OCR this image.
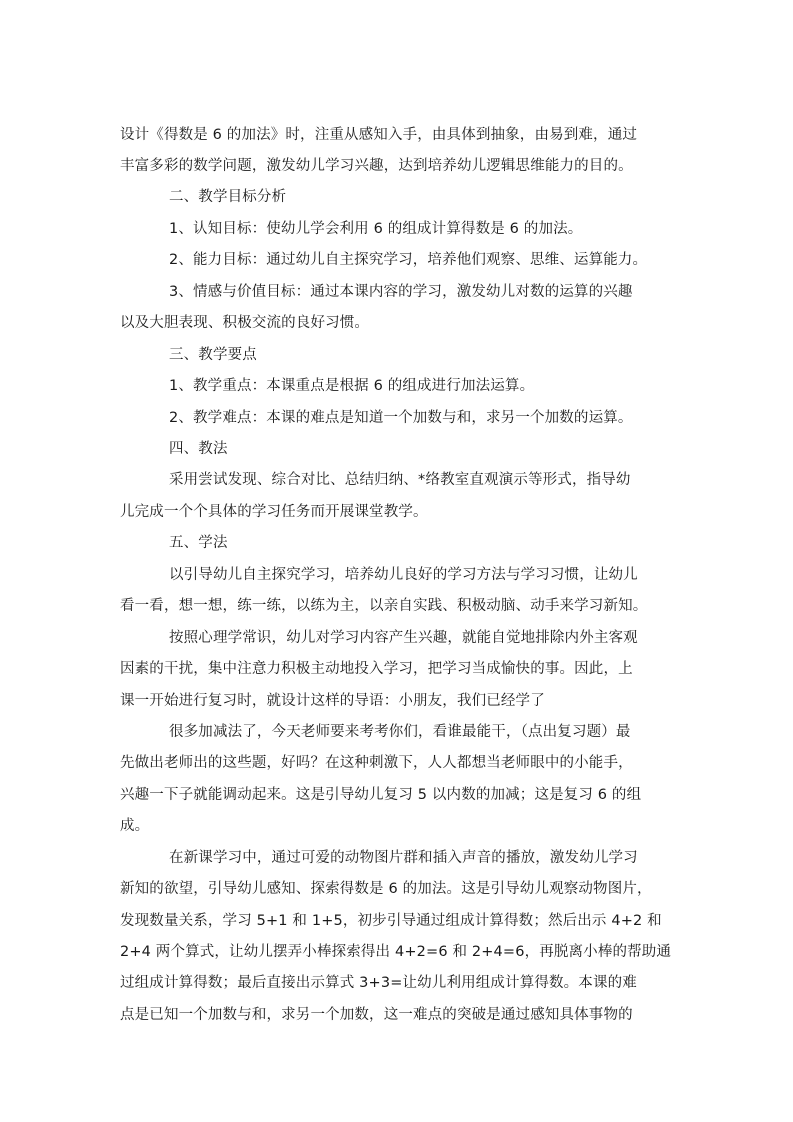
设计《得数是 6 的加法》时，注重从感知入手，由具体到抽象，由易到难，通过
丰富多彩的数学问题，激发幼儿学习兴趣，达到培养幼儿逻辑思维能力的目的。
二、教学目标分析
1、认知目标：使幼儿学会利用 6 的组成计算得数是 6 的加法。
2、能力目标：通过幼儿自主探究学习，培养他们观察、思维、运算能力。
3、情感与价值目标：通过本课内容的学习，激发幼儿对数的运算的兴趣
以及大胆表现、积极交流的良好习惯。
三、教学要点
1、教学重点：本课重点是根据 6 的组成进行加法运算。
2、教学难点：本课的难点是知道一个加数与和，求另一个加数的运算。
四、教法
采用尝试发现、综合对比、总结归纳、*络教室直观演示等形式，指导幼
儿完成一个个具体的学习任务而开展课堂教学。
五、学法
以引导幼儿自主探究学习，培养幼儿良好的学习方法与学习习惯，让幼儿
看一看，想一想，练一练，以练为主，以亲自实践、积极动脑、动手来学习新知。
按照心理学常识，幼儿对学习内容产生兴趣，就能自觉地排除内外主客观
因素的干扰，集中注意力积极主动地投入学习，把学习当成愉快的事。因此，上
课一开始进行复习时，就设计这样的导语：小朋友，我们已经学了
很多加减法了，今天老师要来考考你们，看谁最能干，（点出复习题）最
先做出老师出的这些题，好吗？在这种刺激下，人人都想当老师眼中的小能手，
兴趣一下子就能调动起来。这是引导幼儿复习 5 以内数的加减；这是复习 6 的组
成。
在新课学习中，通过可爱的动物图片群和插入声音的播放，激发幼儿学习
新知的欲望，引导幼儿感知、探索得数是 6 的加法。这是引导幼儿观察动物图片，
发现数量关系，学习 5+1 和 1+5，初步引导通过组成计算得数；然后出示 4+2 和
2+4 两个算式，让幼儿摆弄小棒探索得出 4+2=6 和 2+4=6，再脱离小棒的帮助通
过组成计算得数；最后直接出示算式 3+3=让幼儿利用组成计算得数。本课的难
点是已知一个加数与和，求另一个加数，这一难点的突破是通过感知具体事物的
